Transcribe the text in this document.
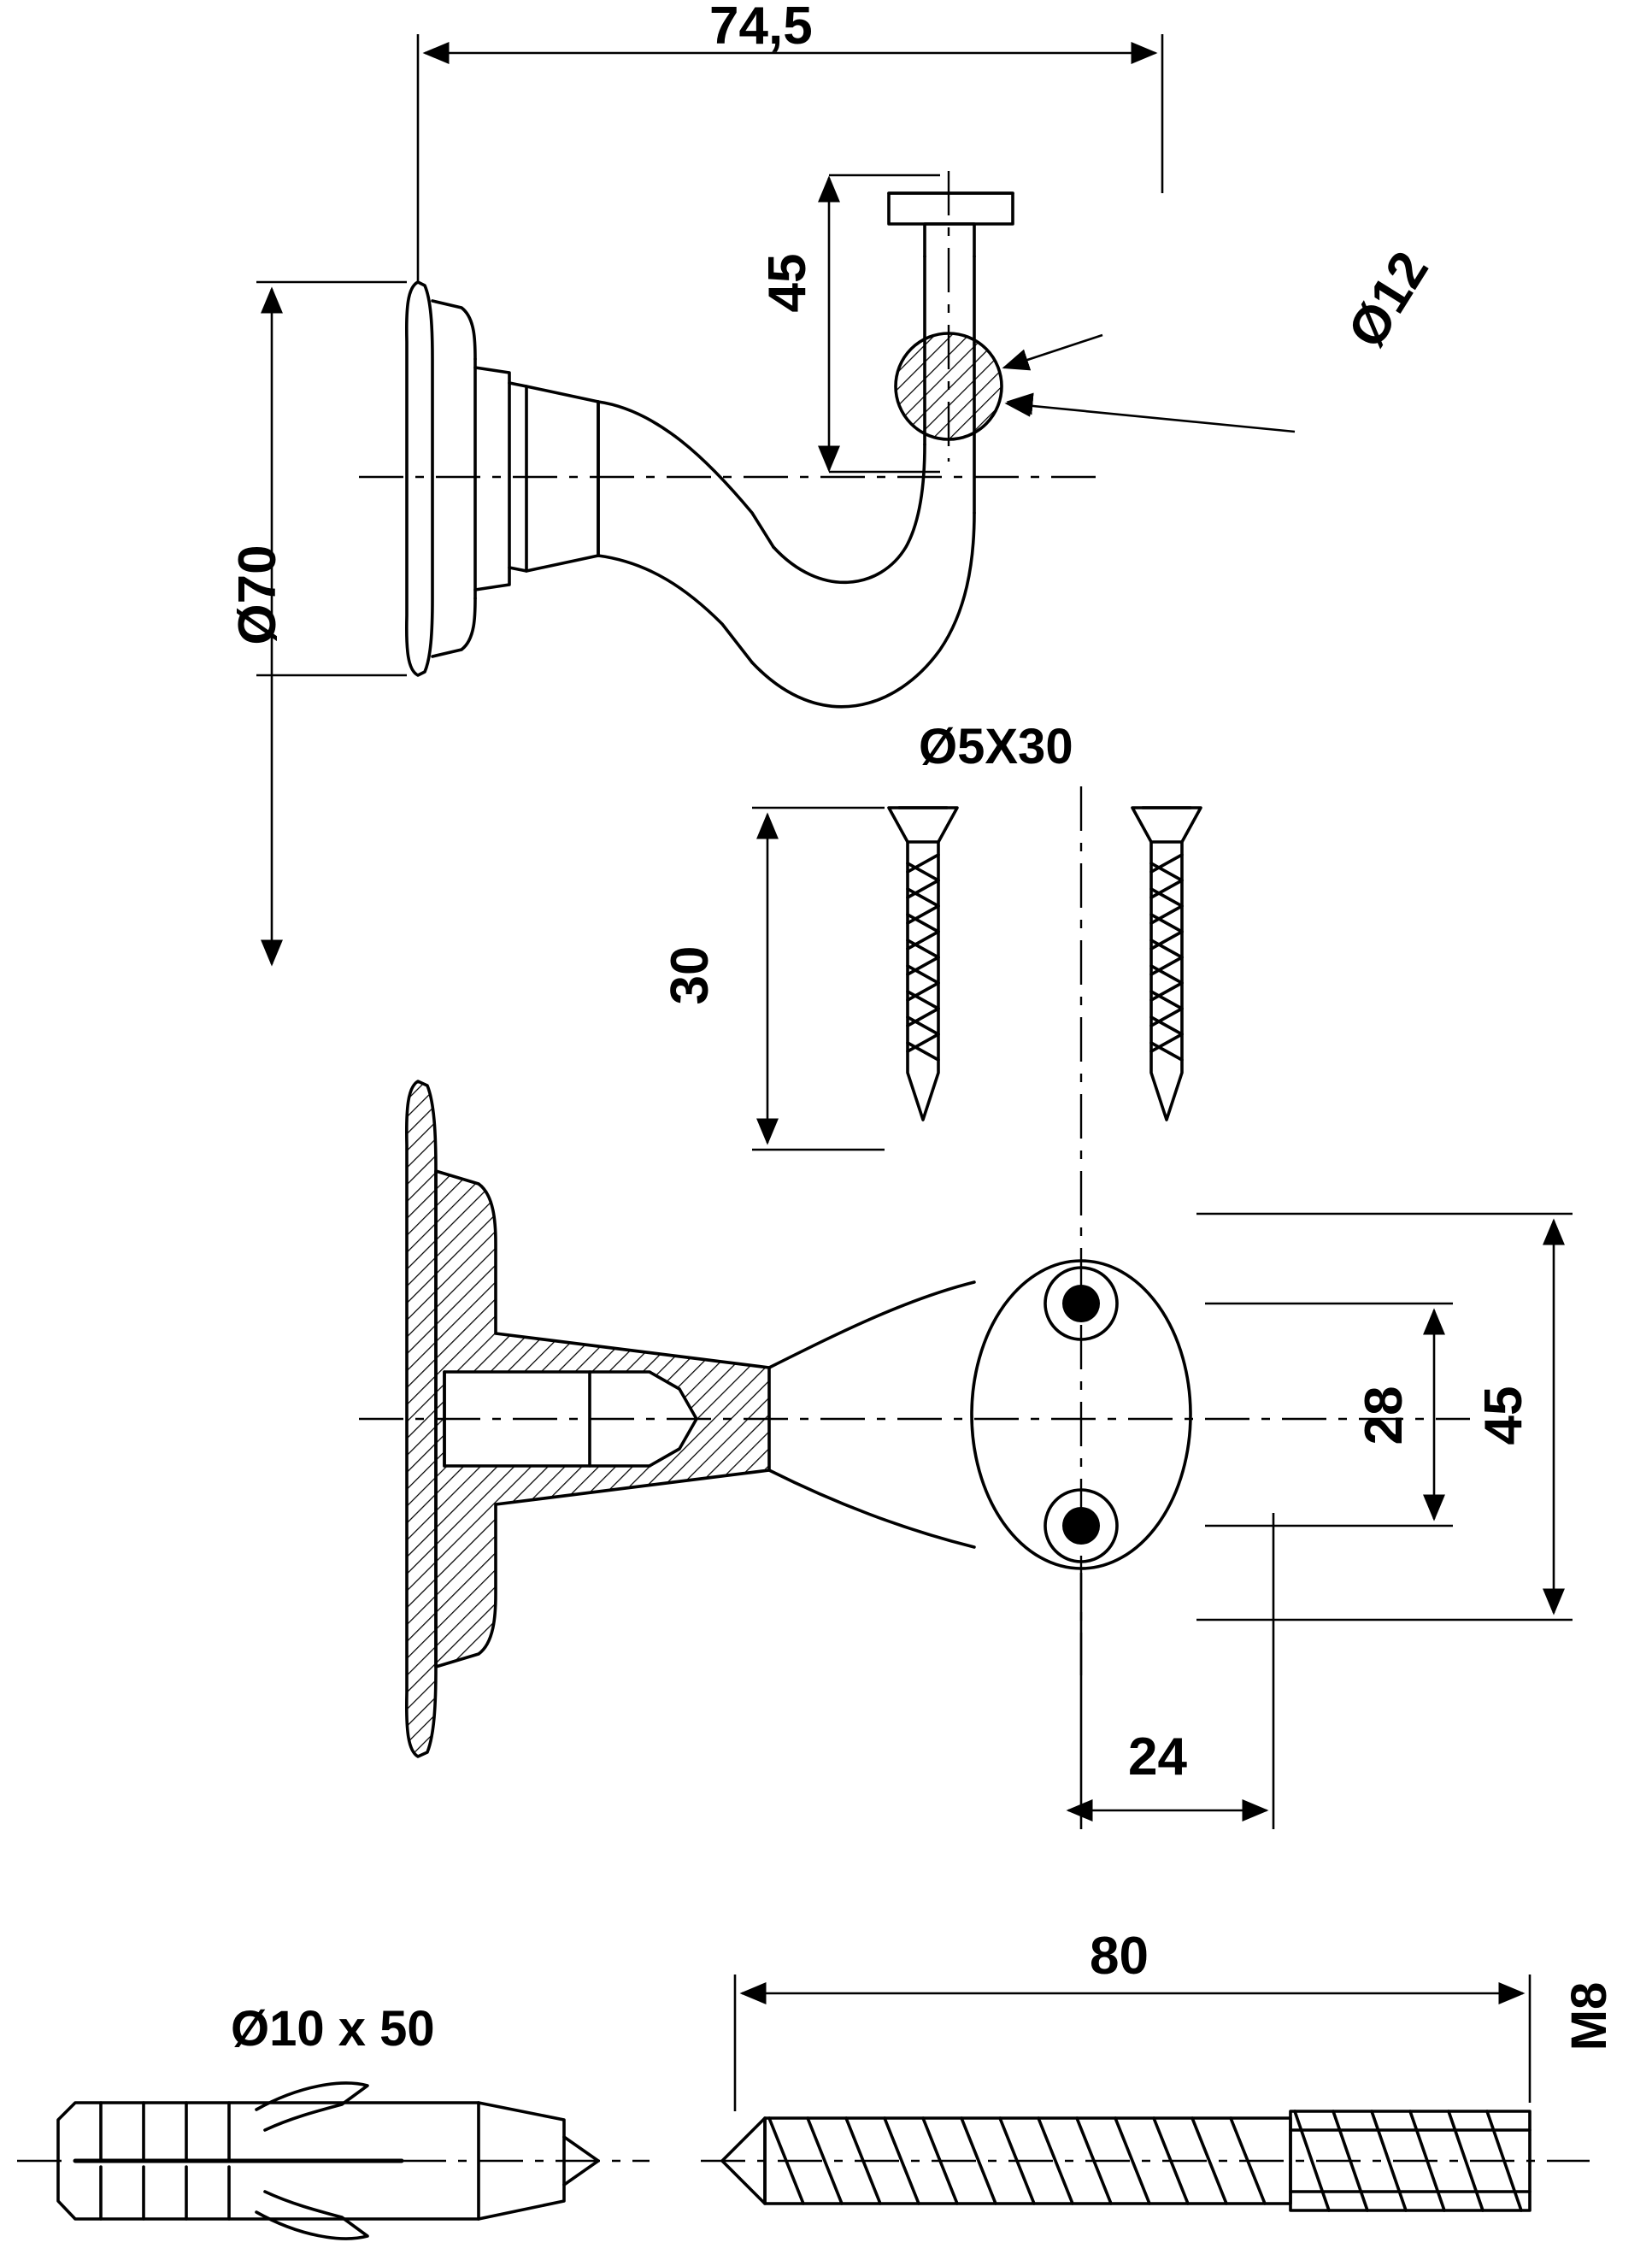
74,5
Ø70
45	Ø12
Ø5X30
30
28 45
24
Ø10 x 50
80
M8
